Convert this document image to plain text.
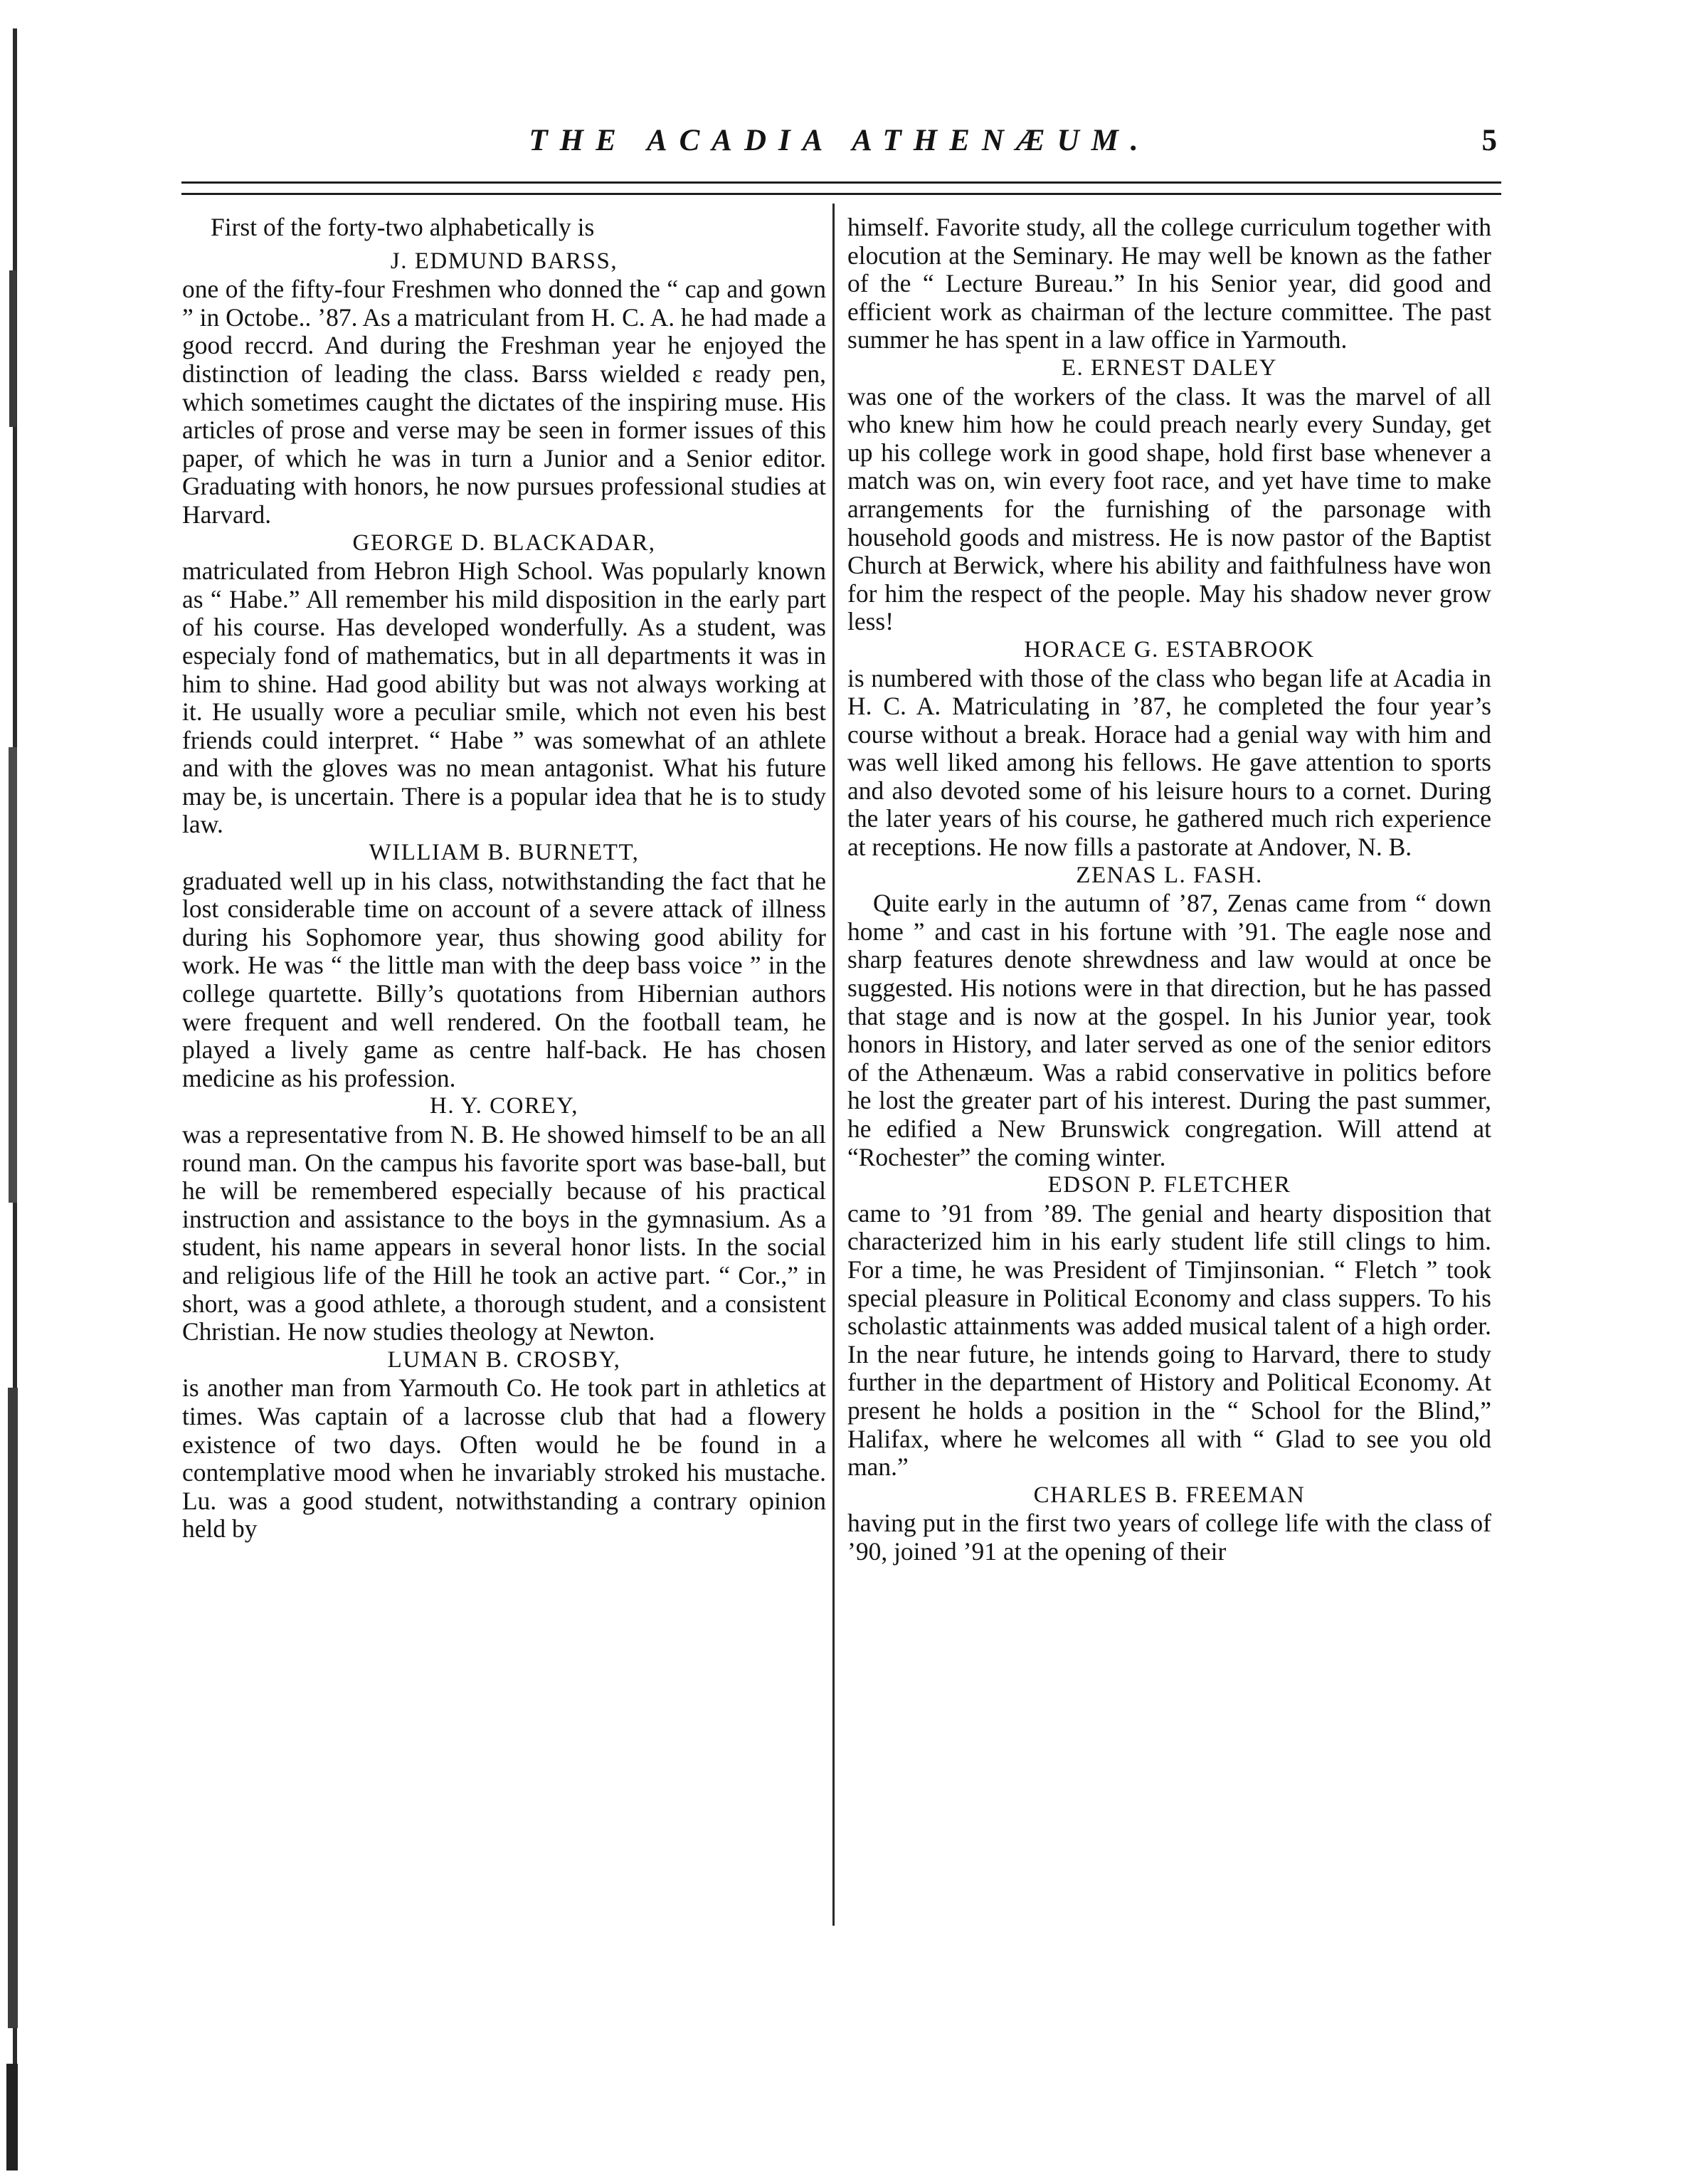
THE ACADIA ATHENÆUM.	5

First of the forty-two alphabetically is

J. EDMUND BARSS,

one of the fifty-four Freshmen who donned the “ cap and gown ” in Octobe.. ’87. As a matriculant from H. C. A. he had made a good reccrd. And during the Freshman year he enjoyed the distinction of leading the class. Barss wielded ε ready pen, which sometimes caught the dictates of the inspiring muse. His articles of prose and verse may be seen in former issues of this paper, of which he was in turn a Junior and a Senior editor. Graduating with honors, he now pursues professional studies at Harvard.

GEORGE D. BLACKADAR,

matriculated from Hebron High School. Was popularly known as “ Habe.” All remember his mild disposition in the early part of his course. Has developed wonderfully. As a student, was especialy fond of mathematics, but in all departments it was in him to shine. Had good ability but was not always working at it. He usually wore a peculiar smile, which not even his best friends could interpret. “ Habe ” was somewhat of an athlete and with the gloves was no mean antagonist. What his future may be, is uncertain. There is a popular idea that he is to study law.

WILLIAM B. BURNETT,

graduated well up in his class, notwithstanding the fact that he lost considerable time on account of a severe attack of illness during his Sophomore year, thus showing good ability for work. He was “ the little man with the deep bass voice ” in the college quartette. Billy’s quotations from Hibernian authors were frequent and well rendered. On the football team, he played a lively game as centre half-back. He has chosen medicine as his profession.

H. Y. COREY,

was a representative from N. B. He showed himself to be an all round man. On the campus his favorite sport was base-ball, but he will be remembered especially because of his practical instruction and assistance to the boys in the gymnasium. As a student, his name appears in several honor lists. In the social and religious life of the Hill he took an active part. “ Cor.,” in short, was a good athlete, a thorough student, and a consistent Christian. He now studies theology at Newton.

LUMAN B. CROSBY,

is another man from Yarmouth Co. He took part in athletics at times. Was captain of a lacrosse club that had a flowery existence of two days. Often would he be found in a contemplative mood when he invariably stroked his mustache. Lu. was a good student, notwithstanding a contrary opinion held by

himself. Favorite study, all the college curriculum together with elocution at the Seminary. He may well be known as the father of the “ Lecture Bureau.” In his Senior year, did good and efficient work as chairman of the lecture committee. The past summer he has spent in a law office in Yarmouth.

E. ERNEST DALEY

was one of the workers of the class. It was the marvel of all who knew him how he could preach nearly every Sunday, get up his college work in good shape, hold first base whenever a match was on, win every foot race, and yet have time to make arrangements for the furnishing of the parsonage with household goods and mistress. He is now pastor of the Baptist Church at Berwick, where his ability and faithfulness have won for him the respect of the people. May his shadow never grow less!

HORACE G. ESTABROOK

is numbered with those of the class who began life at Acadia in H. C. A. Matriculating in ’87, he completed the four year’s course without a break. Horace had a genial way with him and was well liked among his fellows. He gave attention to sports and also devoted some of his leisure hours to a cornet. During the later years of his course, he gathered much rich experience at receptions. He now fills a pastorate at Andover, N. B.

ZENAS L. FASH.

Quite early in the autumn of ’87, Zenas came from “ down home ” and cast in his fortune with ’91. The eagle nose and sharp features denote shrewdness and law would at once be suggested. His notions were in that direction, but he has passed that stage and is now at the gospel. In his Junior year, took honors in History, and later served as one of the senior editors of the Athenæum. Was a rabid conservative in politics before he lost the greater part of his interest. During the past summer, he edified a New Brunswick congregation. Will attend at “Rochester” the coming winter.

EDSON P. FLETCHER

came to ’91 from ’89. The genial and hearty disposition that characterized him in his early student life still clings to him. For a time, he was President of Timjinsonian. “ Fletch ” took special pleasure in Political Economy and class suppers. To his scholastic attainments was added musical talent of a high order. In the near future, he intends going to Harvard, there to study further in the department of History and Political Economy. At present he holds a position in the “ School for the Blind,” Halifax, where he welcomes all with “ Glad to see you old man.”

CHARLES B. FREEMAN

having put in the first two years of college life with the class of ’90, joined ’91 at the opening of their
